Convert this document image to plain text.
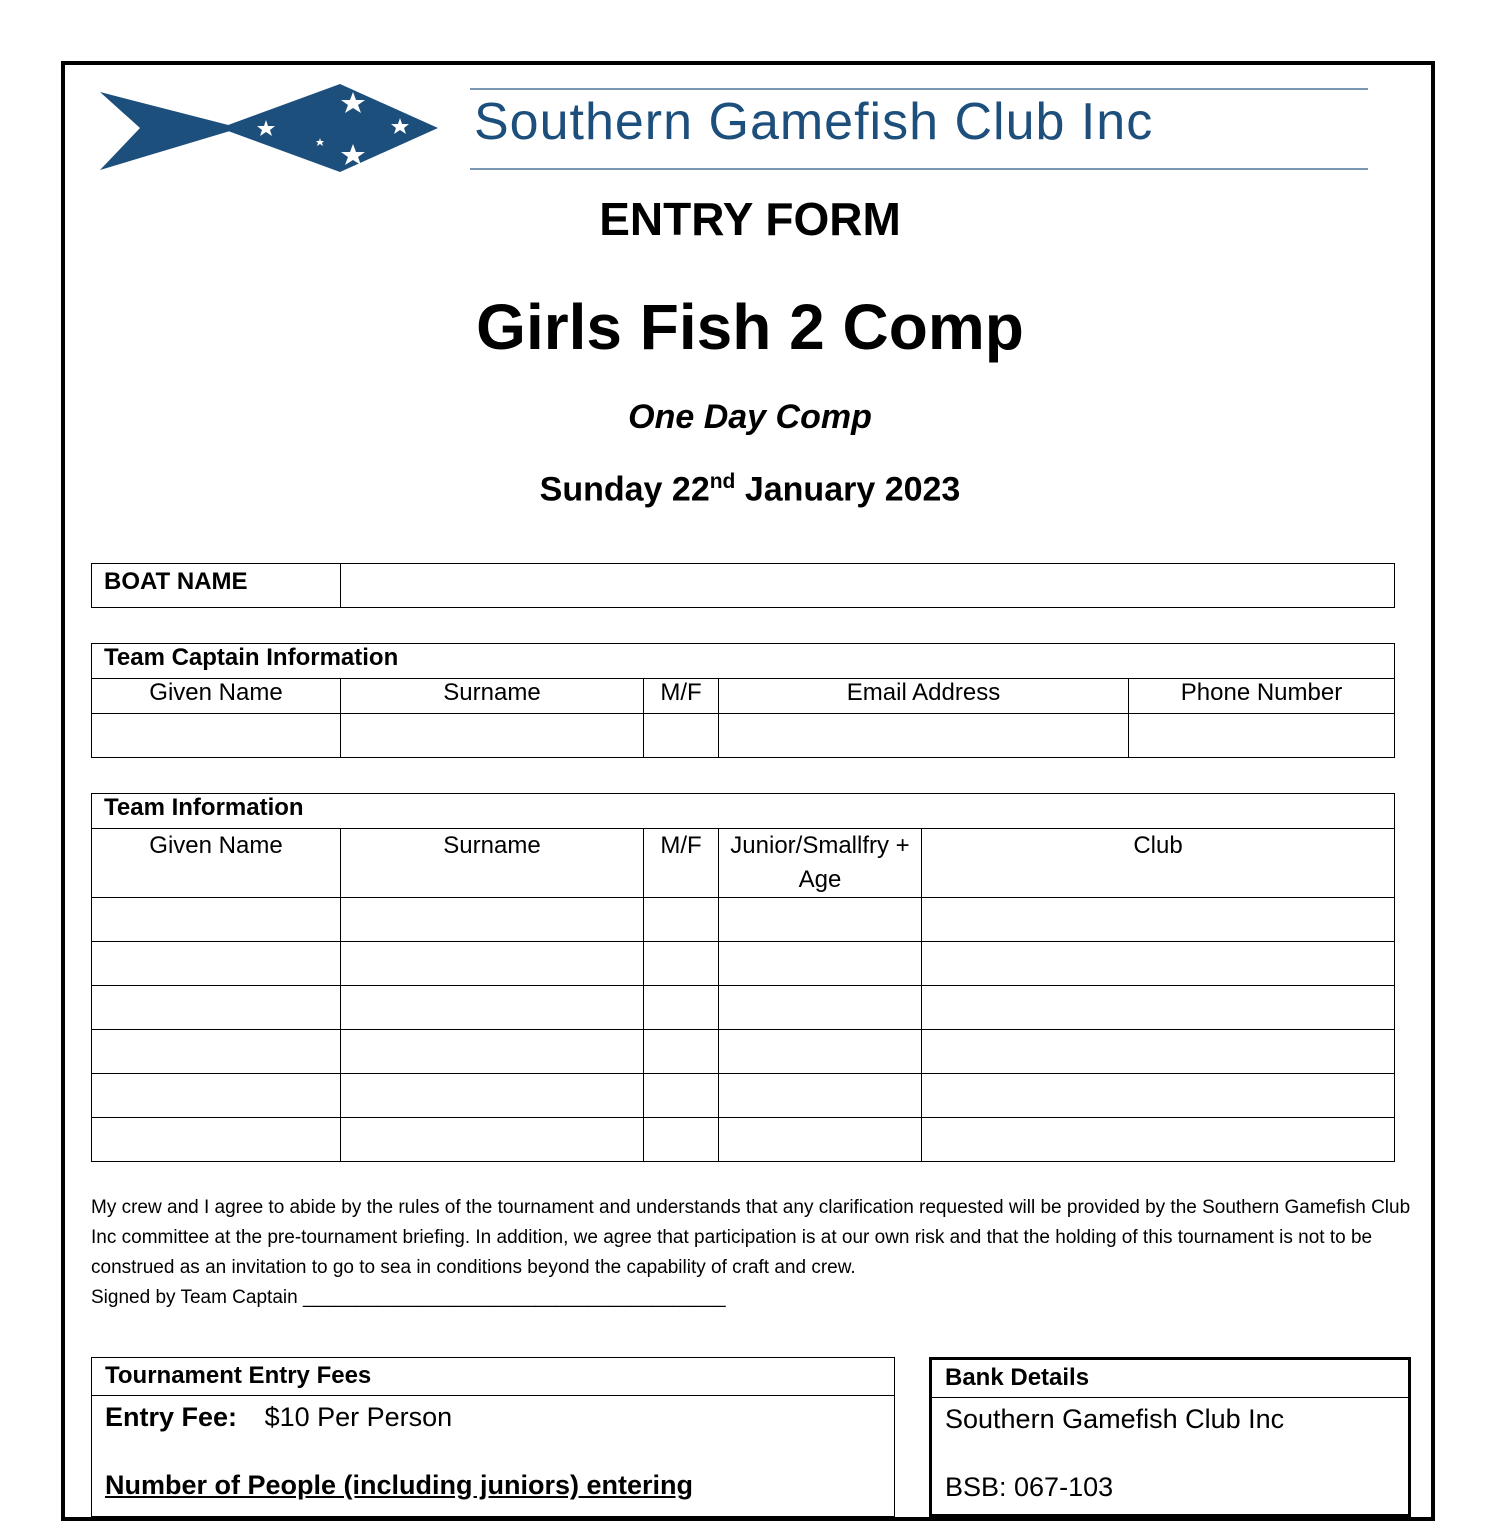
Southern Gamefish Club Inc
ENTRY FORM
Girls Fish 2 Comp
One Day Comp
Sunday 22nd January 2023
BOAT NAME	
Team Captain Information				
Given Name	Surname	M/F	Email Address	Phone Number

Team Information				
Given Name	Surname	M/F	Junior/Smallfry + Age	Club

My crew and I agree to abide by the rules of the tournament and understands that any clarification requested will be provided by the Southern Gamefish Club Inc committee at the pre-tournament briefing. In addition, we agree that participation is at our own risk and that the holding of this tournament is not to be construed as an invitation to go to sea in conditions beyond the capability of craft and crew.
Signed by Team Captain ________________________________________
Tournament Entry Fees
Entry Fee: $10 Per Person
Number of People (including juniors) entering
Bank Details
Southern Gamefish Club Inc
BSB: 067-103
